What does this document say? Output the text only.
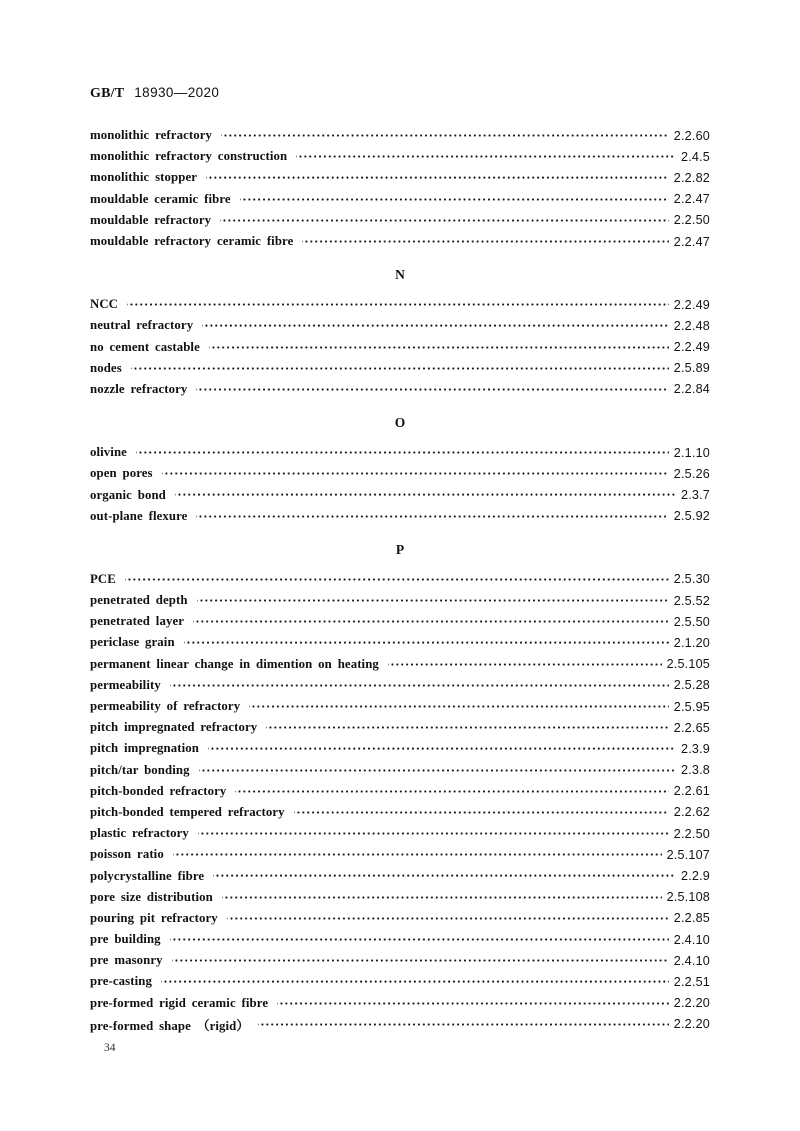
GB/T 18930—2020
monolithic refractory	2.2.60
monolithic refractory construction	2.4.5
monolithic stopper	2.2.82
mouldable ceramic fibre	2.2.47
mouldable refractory	2.2.50
mouldable refractory ceramic fibre	2.2.47
N
NCC	2.2.49
neutral refractory	2.2.48
no cement castable	2.2.49
nodes	2.5.89
nozzle refractory	2.2.84
O
olivine	2.1.10
open pores	2.5.26
organic bond	2.3.7
out-plane flexure	2.5.92
P
PCE	2.5.30
penetrated depth	2.5.52
penetrated layer	2.5.50
periclase grain	2.1.20
permanent linear change in dimention on heating	2.5.105
permeability	2.5.28
permeability of refractory	2.5.95
pitch impregnated refractory	2.2.65
pitch impregnation	2.3.9
pitch/tar bonding	2.3.8
pitch-bonded refractory	2.2.61
pitch-bonded tempered refractory	2.2.62
plastic refractory	2.2.50
poisson ratio	2.5.107
polycrystalline fibre	2.2.9
pore size distribution	2.5.108
pouring pit refractory	2.2.85
pre building	2.4.10
pre masonry	2.4.10
pre-casting	2.2.51
pre-formed rigid ceramic fibre	2.2.20
pre-formed shape （rigid）	2.2.20
34
